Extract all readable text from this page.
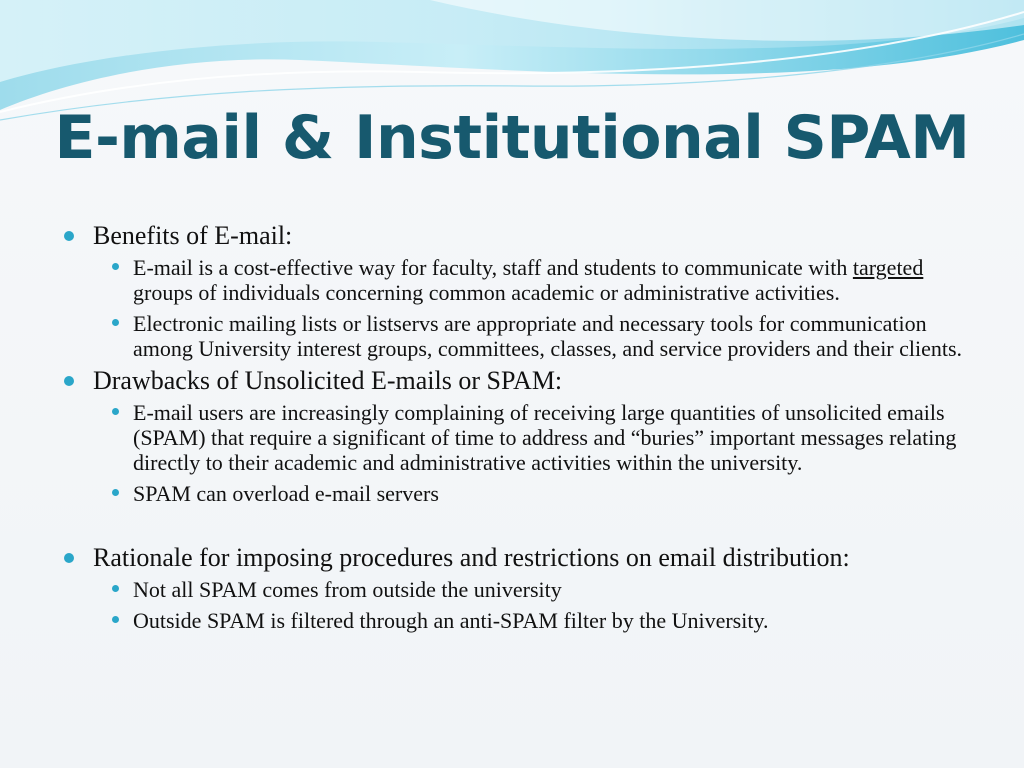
E-mail & Institutional SPAM
Benefits of E-mail:
E-mail is a cost-effective way for faculty, staff and students to communicate with targeted groups of individuals concerning common academic or administrative activities.
Electronic mailing lists or listservs are appropriate and necessary tools for communication among University interest groups, committees, classes, and service providers and their clients.
Drawbacks of Unsolicited E-mails or SPAM:
E-mail users are increasingly complaining of receiving large quantities of unsolicited emails (SPAM) that require a significant of time to address and “buries” important messages relating directly to their academic and administrative activities within the university.
SPAM can overload e-mail servers
Rationale for imposing procedures and restrictions on email distribution:
Not all SPAM comes from outside the university
Outside SPAM is filtered through an anti-SPAM filter by the University.
